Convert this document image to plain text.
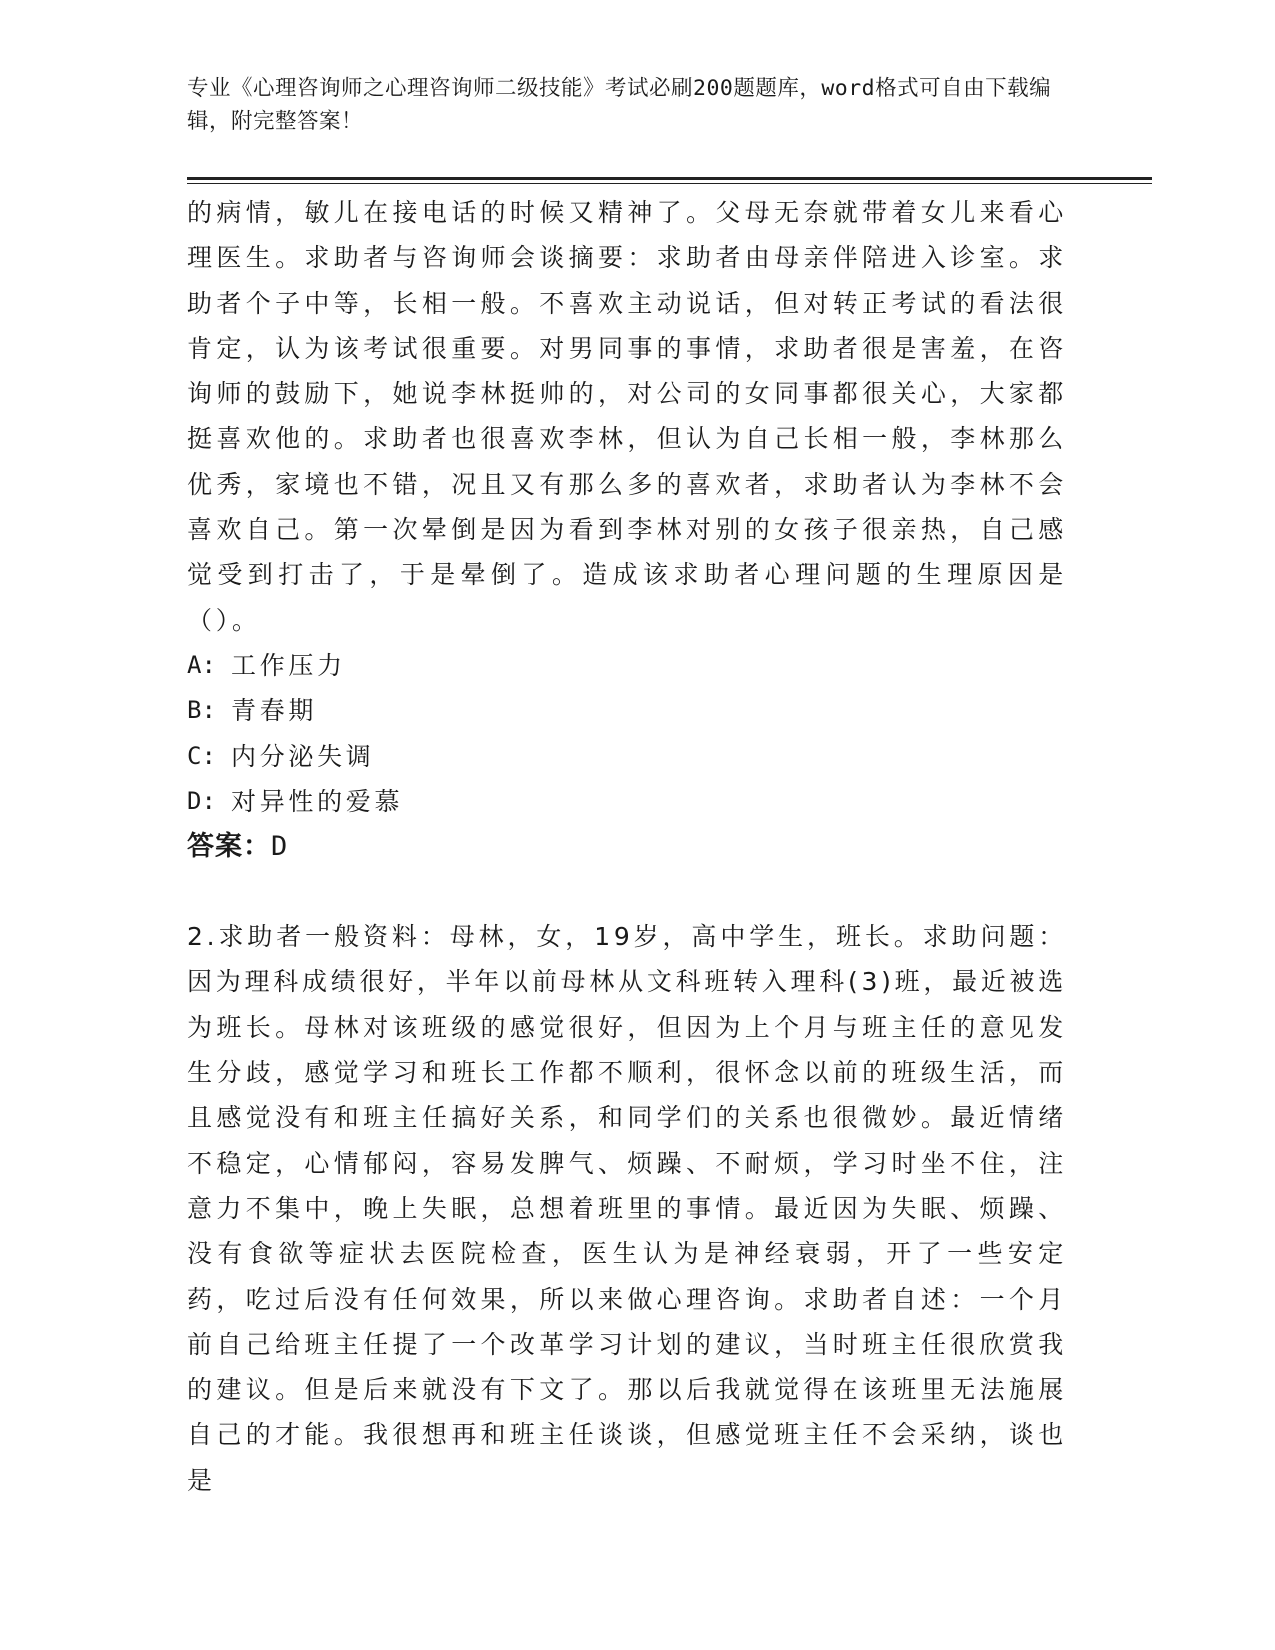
专业《心理咨询师之心理咨询师二级技能》考试必刷200题题库，word格式可自由下载编辑，附完整答案！

的病情，敏儿在接电话的时候又精神了。父母无奈就带着女儿来看心理医生。求助者与咨询师会谈摘要：求助者由母亲伴陪进入诊室。求助者个子中等，长相一般。不喜欢主动说话，但对转正考试的看法很肯定，认为该考试很重要。对男同事的事情，求助者很是害羞，在咨询师的鼓励下，她说李林挺帅的，对公司的女同事都很关心，大家都挺喜欢他的。求助者也很喜欢李林，但认为自己长相一般，李林那么优秀，家境也不错，况且又有那么多的喜欢者，求助者认为李林不会喜欢自己。第一次晕倒是因为看到李林对别的女孩子很亲热，自己感觉受到打击了，于是晕倒了。造成该求助者心理问题的生理原因是（）。

A: 工作压力
B: 青春期
C: 内分泌失调
D: 对异性的爱慕

答案：D

2.求助者一般资料：母林，女，19岁，高中学生，班长。求助问题：因为理科成绩很好，半年以前母林从文科班转入理科(3)班，最近被选为班长。母林对该班级的感觉很好，但因为上个月与班主任的意见发生分歧，感觉学习和班长工作都不顺利，很怀念以前的班级生活，而且感觉没有和班主任搞好关系，和同学们的关系也很微妙。最近情绪不稳定，心情郁闷，容易发脾气、烦躁、不耐烦，学习时坐不住，注意力不集中，晚上失眠，总想着班里的事情。最近因为失眠、烦躁、没有食欲等症状去医院检查，医生认为是神经衰弱，开了一些安定药，吃过后没有任何效果，所以来做心理咨询。求助者自述：一个月前自己给班主任提了一个改革学习计划的建议，当时班主任很欣赏我的建议。但是后来就没有下文了。那以后我就觉得在该班里无法施展自己的才能。我很想再和班主任谈谈，但感觉班主任不会采纳，谈也是
